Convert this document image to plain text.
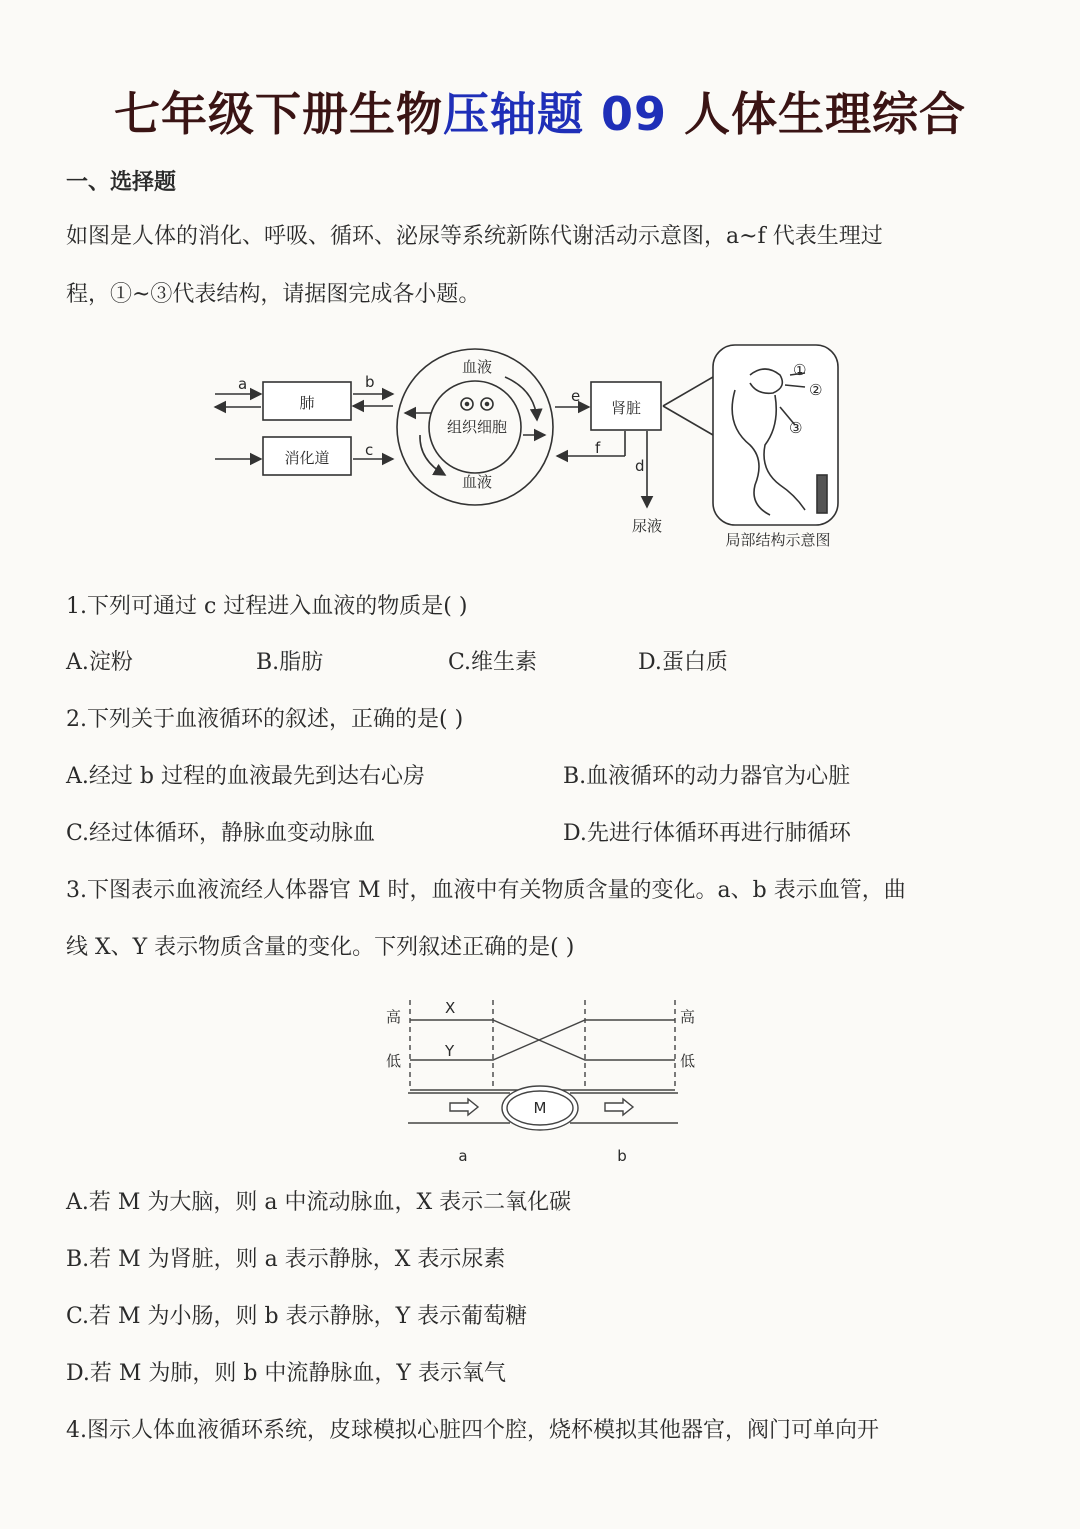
七年级下册生物压轴题 09 人体生理综合
一、选择题
如图是人体的消化、呼吸、循环、泌尿等系统新陈代谢活动示意图，a~f 代表生理过
程，①~③代表结构，请据图完成各小题。
a	b
c
肺
消化道
血液
组织细胞
血液
e
f
肾脏
d
尿液
①
②
③
局部结构示意图
1.下列可通过 c 过程进入血液的物质是( )
A.淀粉	B.脂肪	C.维生素	D.蛋白质
2.下列关于血液循环的叙述，正确的是( )
A.经过 b 过程的血液最先到达右心房	B.血液循环的动力器官为心脏
C.经过体循环，静脉血变动脉血	D.先进行体循环再进行肺循环
3.下图表示血液流经人体器官 M 时，血液中有关物质含量的变化。a、b 表示血管，曲
线 X、Y 表示物质含量的变化。下列叙述正确的是( )
高
低
高
低
X
Y
M
a	b
A.若 M 为大脑，则 a 中流动脉血，X 表示二氧化碳
B.若 M 为肾脏，则 a 表示静脉，X 表示尿素
C.若 M 为小肠，则 b 表示静脉，Y 表示葡萄糖
D.若 M 为肺，则 b 中流静脉血，Y 表示氧气
4.图示人体血液循环系统，皮球模拟心脏四个腔，烧杯模拟其他器官，阀门可单向开
